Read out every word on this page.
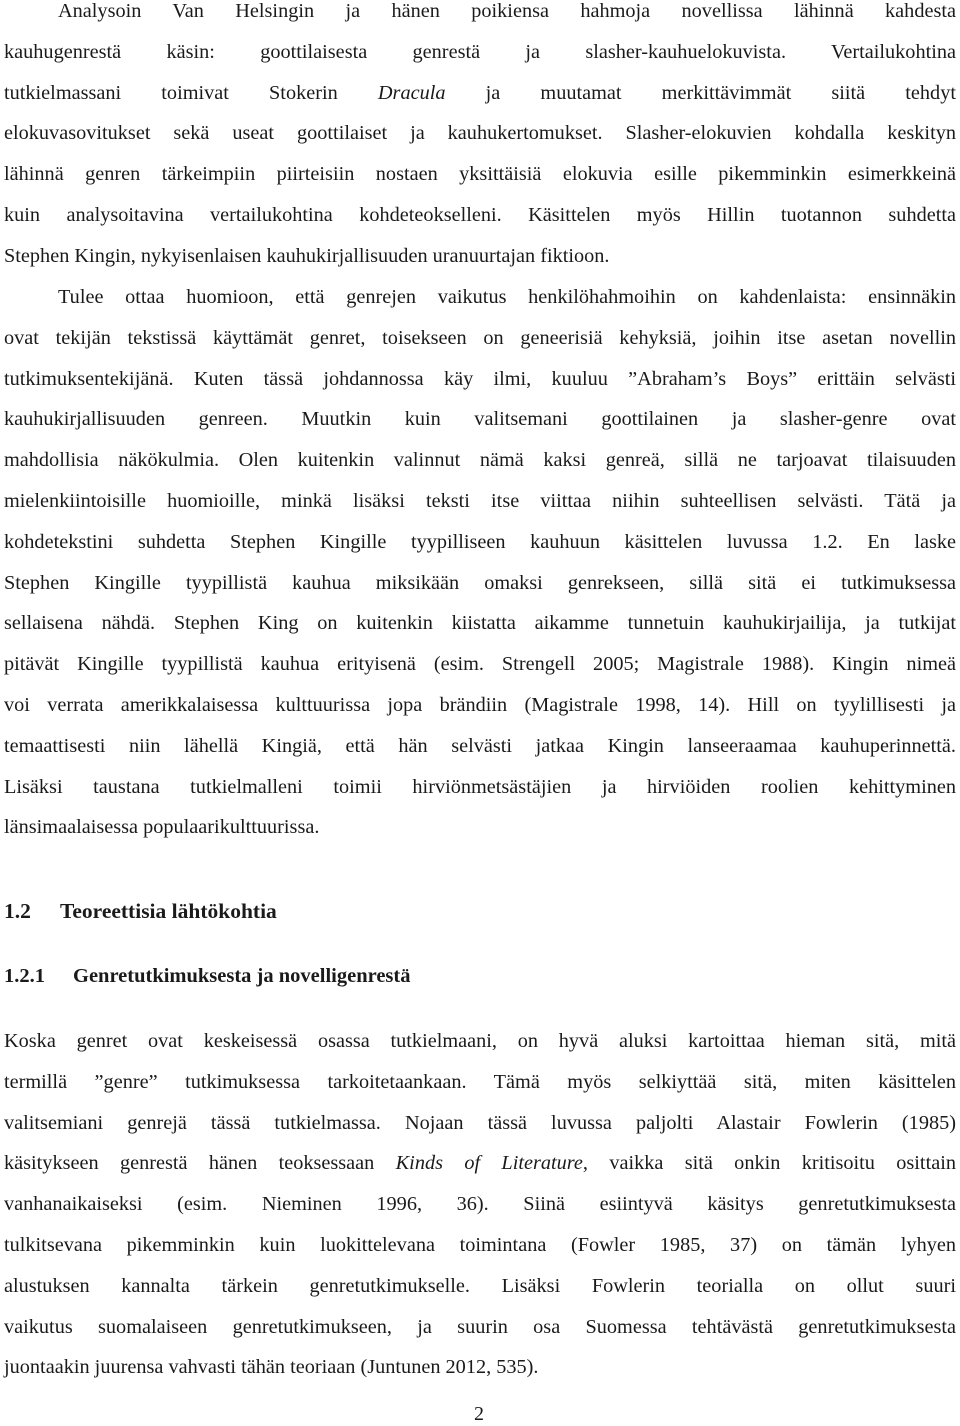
Analysoin Van Helsingin ja hänen poikiensa hahmoja novellissa lähinnä kahdesta
kauhugenrestä käsin: goottilaisesta genrestä ja slasher-kauhuelokuvista. Vertailukohtina
tutkielmassani toimivat Stokerin Dracula ja muutamat merkittävimmät siitä tehdyt
elokuvasovitukset sekä useat goottilaiset ja kauhukertomukset. Slasher-elokuvien kohdalla keskityn
lähinnä genren tärkeimpiin piirteisiin nostaen yksittäisiä elokuvia esille pikemminkin esimerkkeinä
kuin analysoitavina vertailukohtina kohdeteokselleni. Käsittelen myös Hillin tuotannon suhdetta
Stephen Kingin, nykyisenlaisen kauhukirjallisuuden uranuurtajan fiktioon.
Tulee ottaa huomioon, että genrejen vaikutus henkilöhahmoihin on kahdenlaista: ensinnäkin
ovat tekijän tekstissä käyttämät genret, toisekseen on geneerisiä kehyksiä, joihin itse asetan novellin
tutkimuksentekijänä. Kuten tässä johdannossa käy ilmi, kuuluu ”Abraham’s Boys” erittäin selvästi
kauhukirjallisuuden genreen. Muutkin kuin valitsemani goottilainen ja slasher-genre ovat
mahdollisia näkökulmia. Olen kuitenkin valinnut nämä kaksi genreä, sillä ne tarjoavat tilaisuuden
mielenkiintoisille huomioille, minkä lisäksi teksti itse viittaa niihin suhteellisen selvästi. Tätä ja
kohdetekstini suhdetta Stephen Kingille tyypilliseen kauhuun käsittelen luvussa 1.2. En laske
Stephen Kingille tyypillistä kauhua miksikään omaksi genrekseen, sillä sitä ei tutkimuksessa
sellaisena nähdä. Stephen King on kuitenkin kiistatta aikamme tunnetuin kauhukirjailija, ja tutkijat
pitävät Kingille tyypillistä kauhua erityisenä (esim. Strengell 2005; Magistrale 1988). Kingin nimeä
voi verrata amerikkalaisessa kulttuurissa jopa brändiin (Magistrale 1998, 14). Hill on tyylillisesti ja
temaattisesti niin lähellä Kingiä, että hän selvästi jatkaa Kingin lanseeraamaa kauhuperinnettä.
Lisäksi taustana tutkielmalleni toimii hirviönmetsästäjien ja hirviöiden roolien kehittyminen
länsimaalaisessa populaarikulttuurissa.
1.2 Teoreettisia lähtökohtia
1.2.1 Genretutkimuksesta ja novelligenrestä
Koska genret ovat keskeisessä osassa tutkielmaani, on hyvä aluksi kartoittaa hieman sitä, mitä
termillä ”genre” tutkimuksessa tarkoitetaankaan. Tämä myös selkiyttää sitä, miten käsittelen
valitsemiani genrejä tässä tutkielmassa. Nojaan tässä luvussa paljolti Alastair Fowlerin (1985)
käsitykseen genrestä hänen teoksessaan Kinds of Literature, vaikka sitä onkin kritisoitu osittain
vanhanaikaiseksi (esim. Nieminen 1996, 36). Siinä esiintyvä käsitys genretutkimuksesta
tulkitsevana pikemminkin kuin luokittelevana toimintana (Fowler 1985, 37) on tämän lyhyen
alustuksen kannalta tärkein genretutkimukselle. Lisäksi Fowlerin teorialla on ollut suuri
vaikutus suomalaiseen genretutkimukseen, ja suurin osa Suomessa tehtävästä genretutkimuksesta
juontaakin juurensa vahvasti tähän teoriaan (Juntunen 2012, 535).
2
